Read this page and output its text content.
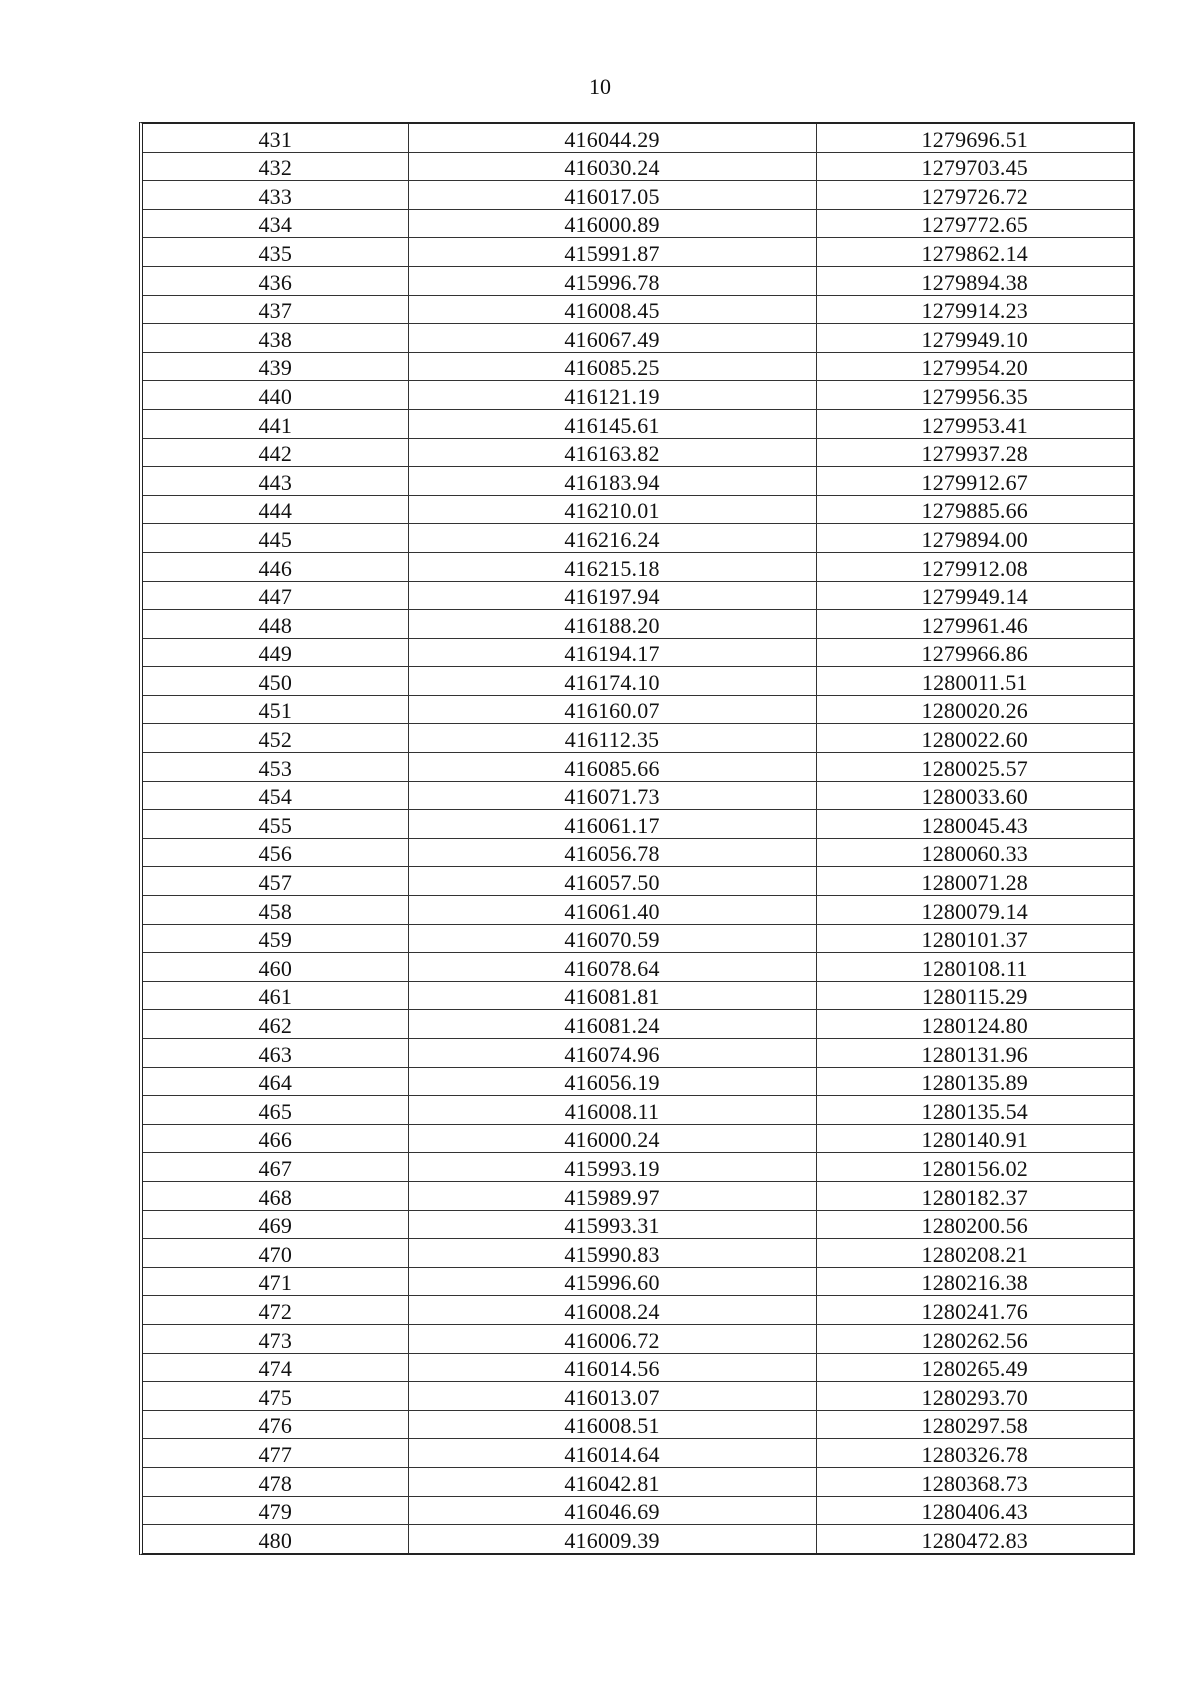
10
431	416044.29	1279696.51
432	416030.24	1279703.45
433	416017.05	1279726.72
434	416000.89	1279772.65
435	415991.87	1279862.14
436	415996.78	1279894.38
437	416008.45	1279914.23
438	416067.49	1279949.10
439	416085.25	1279954.20
440	416121.19	1279956.35
441	416145.61	1279953.41
442	416163.82	1279937.28
443	416183.94	1279912.67
444	416210.01	1279885.66
445	416216.24	1279894.00
446	416215.18	1279912.08
447	416197.94	1279949.14
448	416188.20	1279961.46
449	416194.17	1279966.86
450	416174.10	1280011.51
451	416160.07	1280020.26
452	416112.35	1280022.60
453	416085.66	1280025.57
454	416071.73	1280033.60
455	416061.17	1280045.43
456	416056.78	1280060.33
457	416057.50	1280071.28
458	416061.40	1280079.14
459	416070.59	1280101.37
460	416078.64	1280108.11
461	416081.81	1280115.29
462	416081.24	1280124.80
463	416074.96	1280131.96
464	416056.19	1280135.89
465	416008.11	1280135.54
466	416000.24	1280140.91
467	415993.19	1280156.02
468	415989.97	1280182.37
469	415993.31	1280200.56
470	415990.83	1280208.21
471	415996.60	1280216.38
472	416008.24	1280241.76
473	416006.72	1280262.56
474	416014.56	1280265.49
475	416013.07	1280293.70
476	416008.51	1280297.58
477	416014.64	1280326.78
478	416042.81	1280368.73
479	416046.69	1280406.43
480	416009.39	1280472.83
